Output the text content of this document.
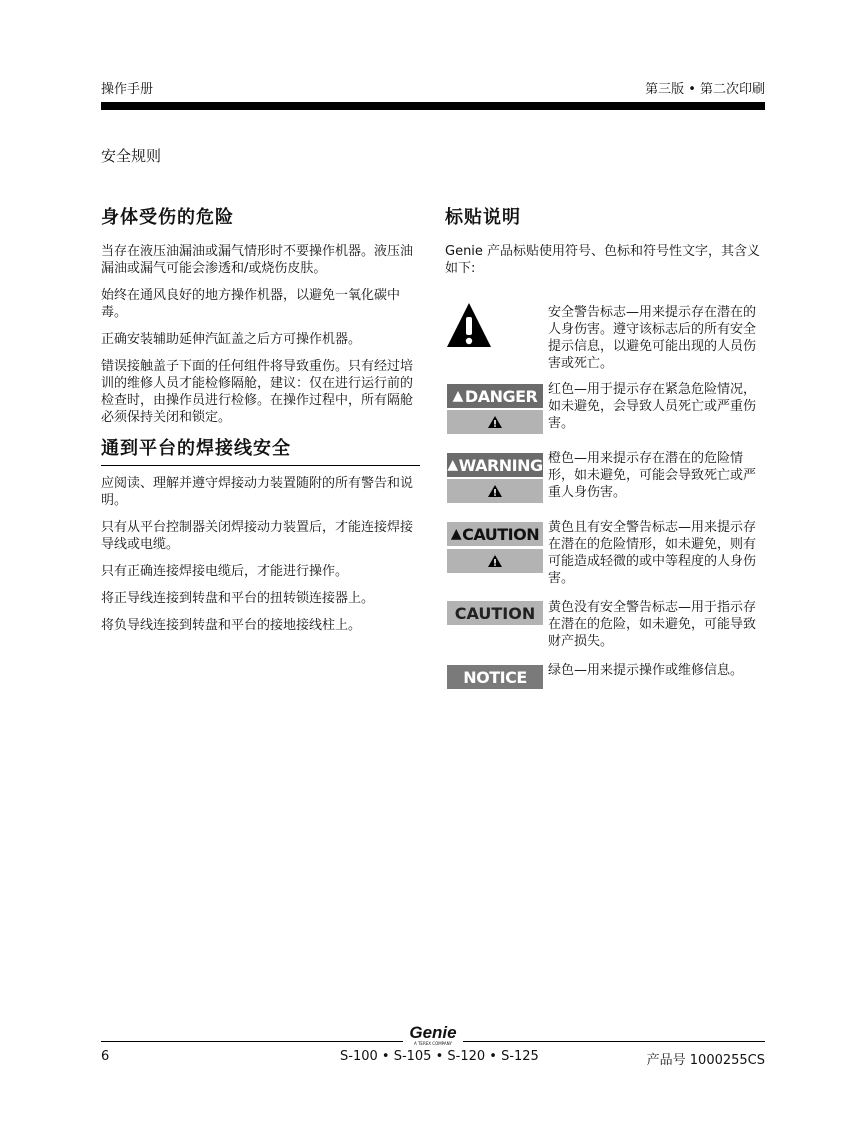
操作手册	第三版 • 第二次印刷
安全规则
身体受伤的危险

当存在液压油漏油或漏气情形时不要操作机器。液压油漏油或漏气可能会渗透和/或烧伤皮肤。

始终在通风良好的地方操作机器，以避免一氧化碳中毒。

正确安装辅助延伸汽缸盖之后方可操作机器。

错误接触盖子下面的任何组件将导致重伤。只有经过培训的维修人员才能检修隔舱，建议：仅在进行运行前的检查时，由操作员进行检修。在操作过程中，所有隔舱必须保持关闭和锁定。

通到平台的焊接线安全

应阅读、理解并遵守焊接动力装置随附的所有警告和说明。

只有从平台控制器关闭焊接动力装置后，才能连接焊接导线或电缆。

只有正确连接焊接电缆后，才能进行操作。

将正导线连接到转盘和平台的扭转锁连接器上。

将负导线连接到转盘和平台的接地接线柱上。

标贴说明

Genie 产品标贴使用符号、色标和符号性文字，其含义如下:

安全警告标志—用来提示存在潜在的人身伤害。遵守该标志后的所有安全提示信息，以避免可能出现的人员伤害或死亡。

▲ DANGER 红色—用于提示存在紧急危险情况，如未避免，会导致人员死亡或严重伤害。

▲ WARNING 橙色—用来提示存在潜在的危险情形，如未避免，可能会导致死亡或严重人身伤害。

▲ CAUTION 黄色且有安全警告标志—用来提示存在潜在的危险情形，如未避免，则有可能造成轻微的或中等程度的人身伤害。

CAUTION 黄色没有安全警告标志—用于指示存在潜在的危险，如未避免，可能导致财产损失。

NOTICE	绿色—用来提示操作或维修信息。

Genie
A TEREX COMPANY
6	S-100 • S-105 • S-120 • S-125	产品号 1000255CS
